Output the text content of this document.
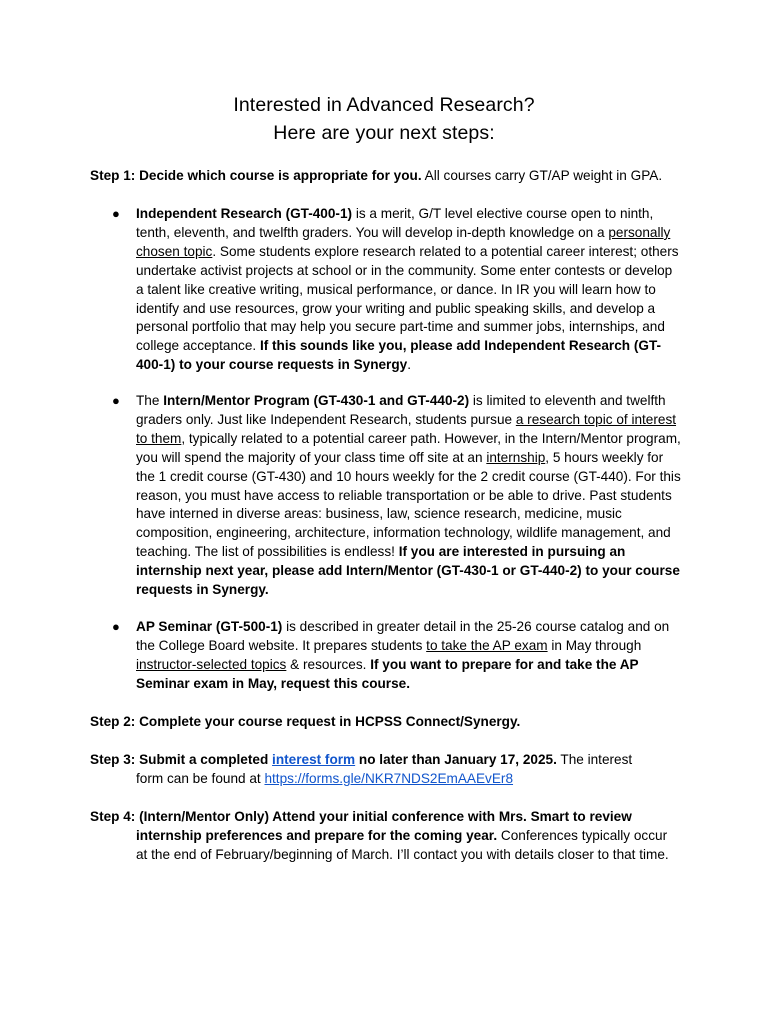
Interested in Advanced Research?
Here are your next steps:
Step 1: Decide which course is appropriate for you. All courses carry GT/AP weight in GPA.
● Independent Research (GT-400-1) is a merit, G/T level elective course open to ninth, tenth, eleventh, and twelfth graders. You will develop in-depth knowledge on a personally chosen topic. Some students explore research related to a potential career interest; others undertake activist projects at school or in the community. Some enter contests or develop a talent like creative writing, musical performance, or dance. In IR you will learn how to identify and use resources, grow your writing and public speaking skills, and develop a personal portfolio that may help you secure part-time and summer jobs, internships, and college acceptance. If this sounds like you, please add Independent Research (GT-400-1) to your course requests in Synergy.
● The Intern/Mentor Program (GT-430-1 and GT-440-2) is limited to eleventh and twelfth graders only. Just like Independent Research, students pursue a research topic of interest to them, typically related to a potential career path. However, in the Intern/Mentor program, you will spend the majority of your class time off site at an internship, 5 hours weekly for the 1 credit course (GT-430) and 10 hours weekly for the 2 credit course (GT-440). For this reason, you must have access to reliable transportation or be able to drive. Past students have interned in diverse areas: business, law, science research, medicine, music composition, engineering, architecture, information technology, wildlife management, and teaching. The list of possibilities is endless! If you are interested in pursuing an internship next year, please add Intern/Mentor (GT-430-1 or GT-440-2) to your course requests in Synergy.
● AP Seminar (GT-500-1) is described in greater detail in the 25-26 course catalog and on the College Board website. It prepares students to take the AP exam in May through instructor-selected topics & resources. If you want to prepare for and take the AP Seminar exam in May, request this course.
Step 2: Complete your course request in HCPSS Connect/Synergy.
Step 3: Submit a completed interest form no later than January 17, 2025. The interest
form can be found at https://forms.gle/NKR7NDS2EmAAEvEr8
Step 4: (Intern/Mentor Only) Attend your initial conference with Mrs. Smart to review
internship preferences and prepare for the coming year. Conferences typically occur
at the end of February/beginning of March. I’ll contact you with details closer to that time.
